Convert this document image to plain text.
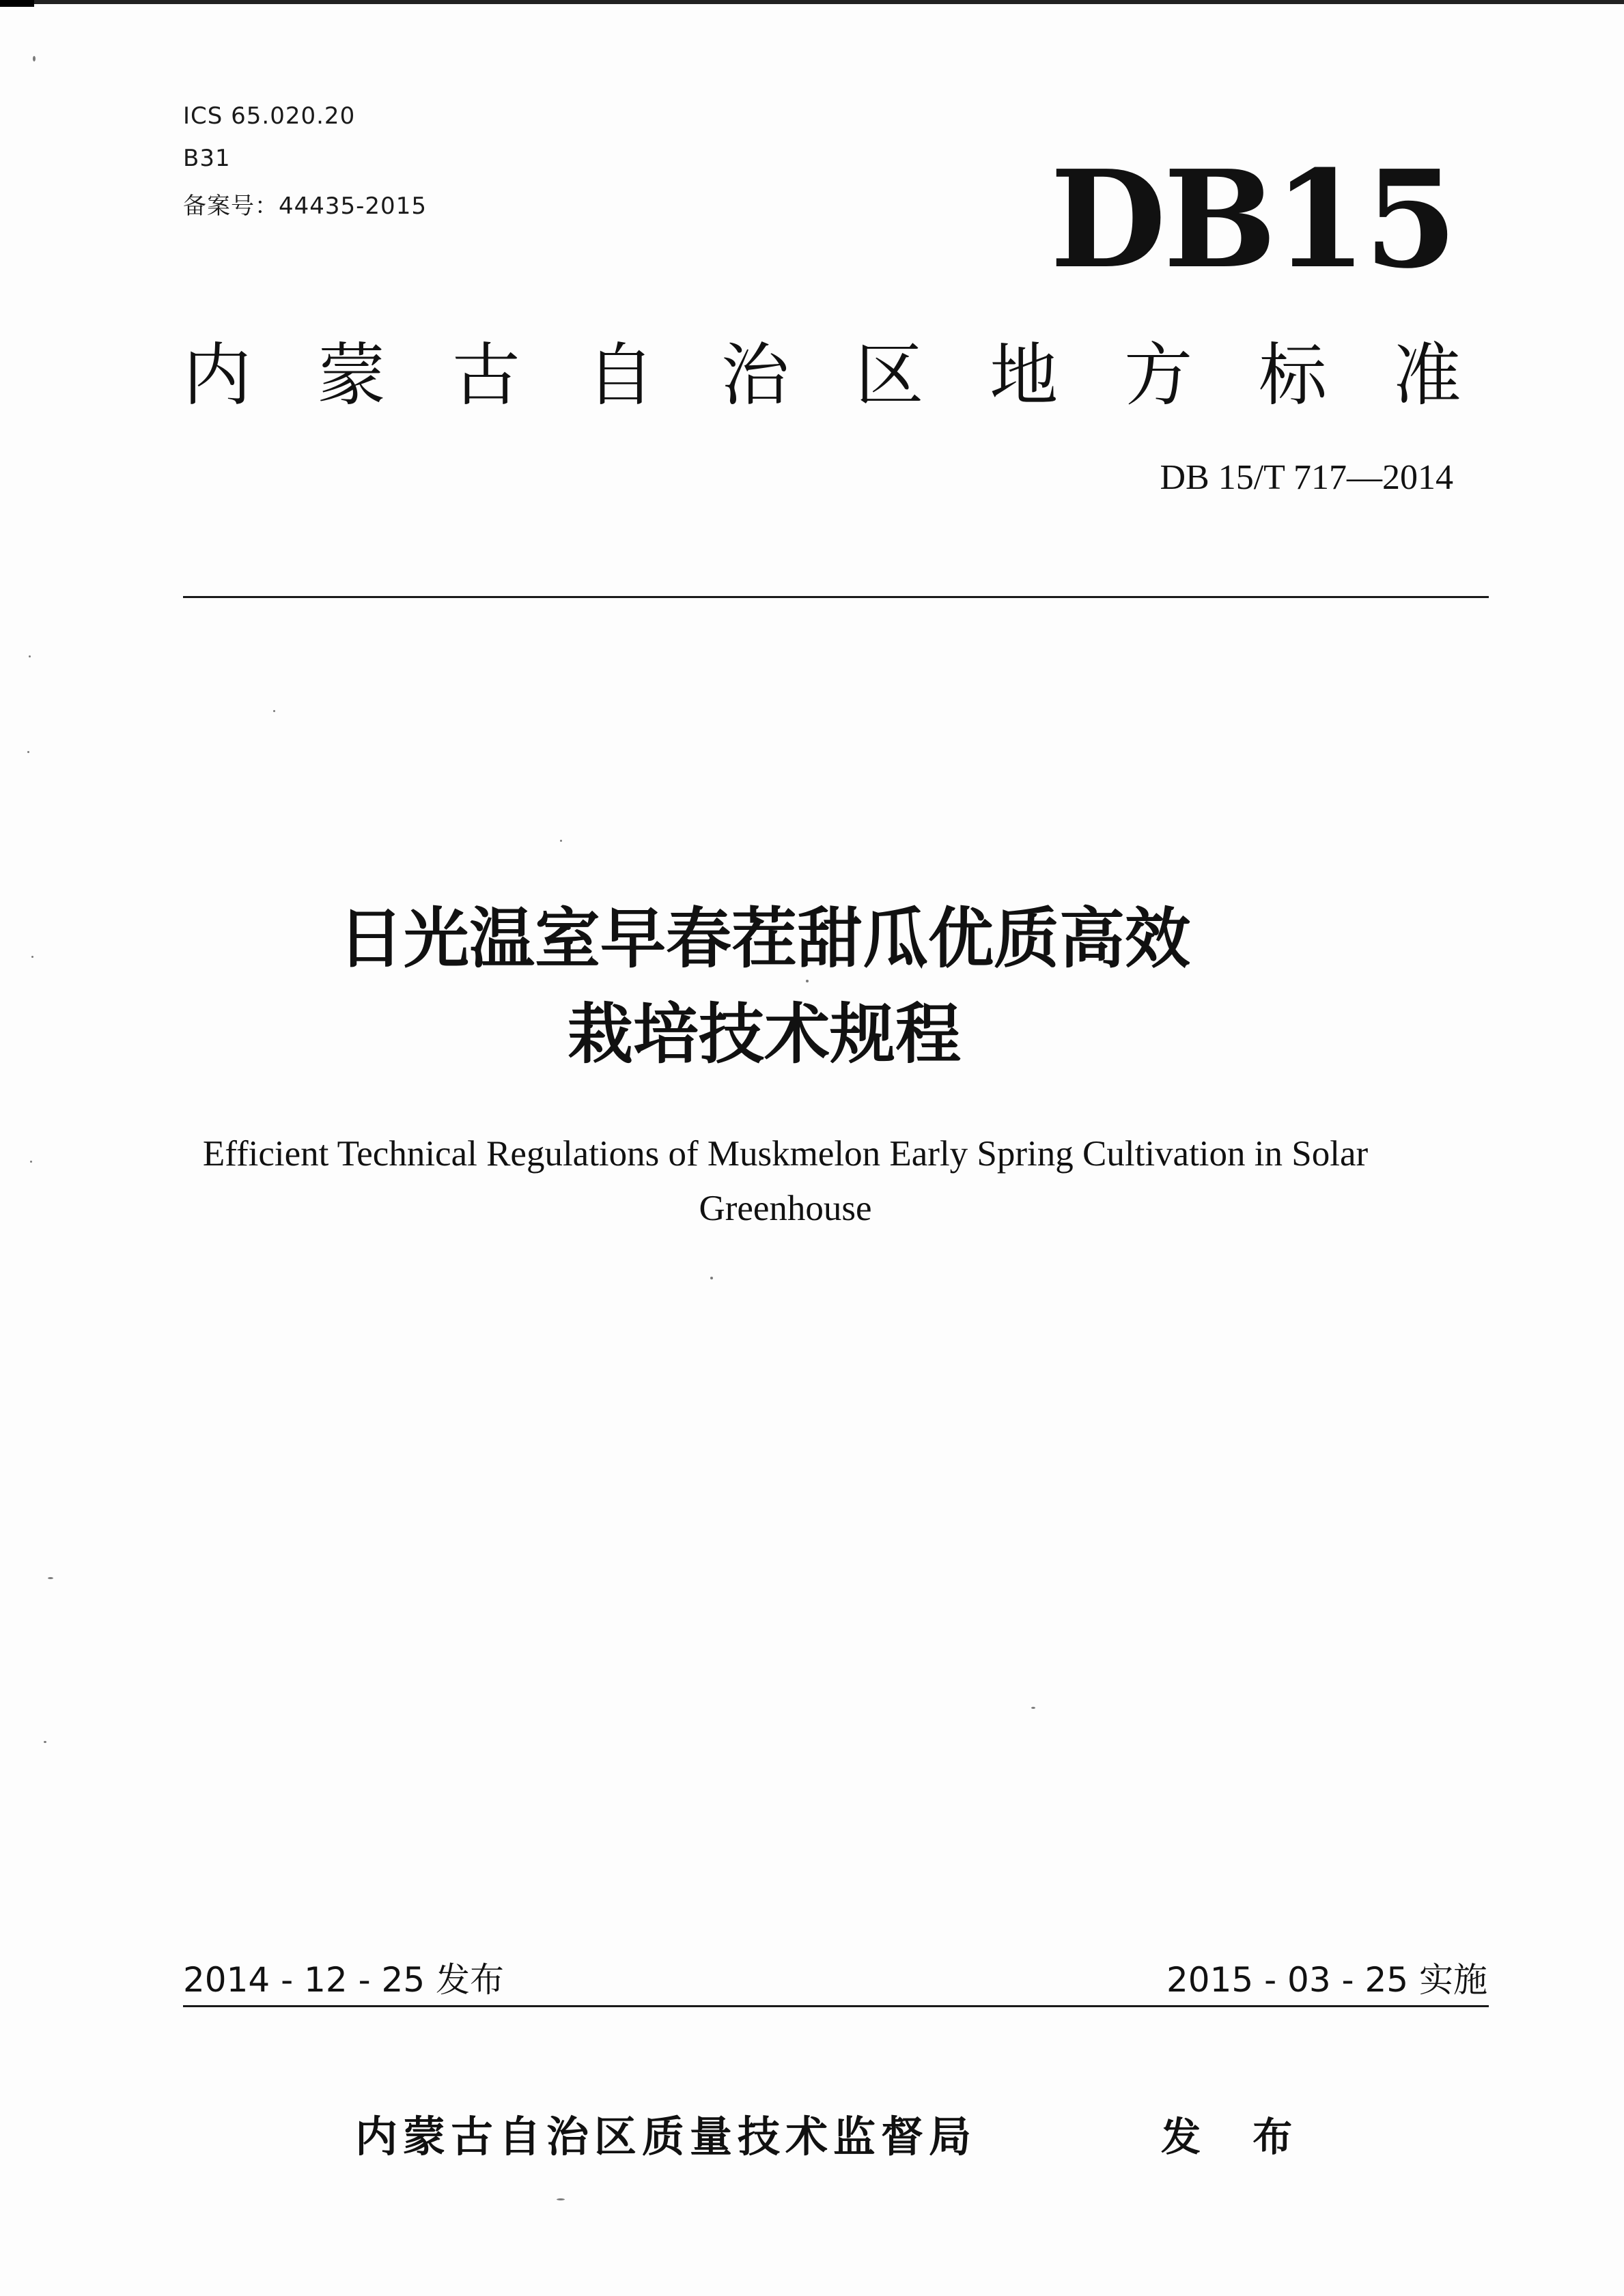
ICS 65.020.20
B31
备案号：44435-2015	DB15
内 蒙 古 自 治 区 地 方 标 准
DB 15/T 717—2014
日光温室早春茬甜瓜优质高效
栽培技术规程
Efficient Technical Regulations of Muskmelon Early Spring Cultivation in Solar Greenhouse
2014 - 12 - 25 发布	2015 - 03 - 25 实施
内蒙古自治区质量技术监督局	发 布
